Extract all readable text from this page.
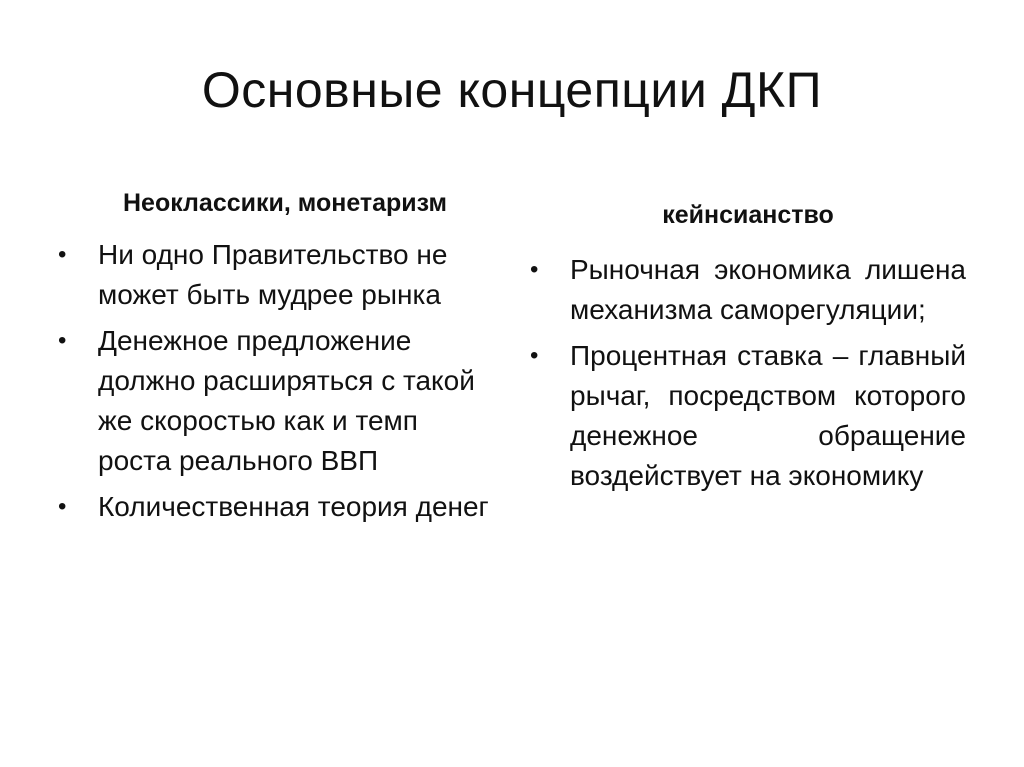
Основные концепции ДКП
Неоклассики, монетаризм
• Ни одно Правительство не может быть мудрее рынка
• Денежное предложение должно расширяться с такой же скоростью как и темп роста реального ВВП
• Количественная теория денег
кейнсианство
• Рыночная экономика лишена механизма саморегуляции;
• Процентная ставка – главный рычаг, посредством которого денежное обращение воздействует на экономику
